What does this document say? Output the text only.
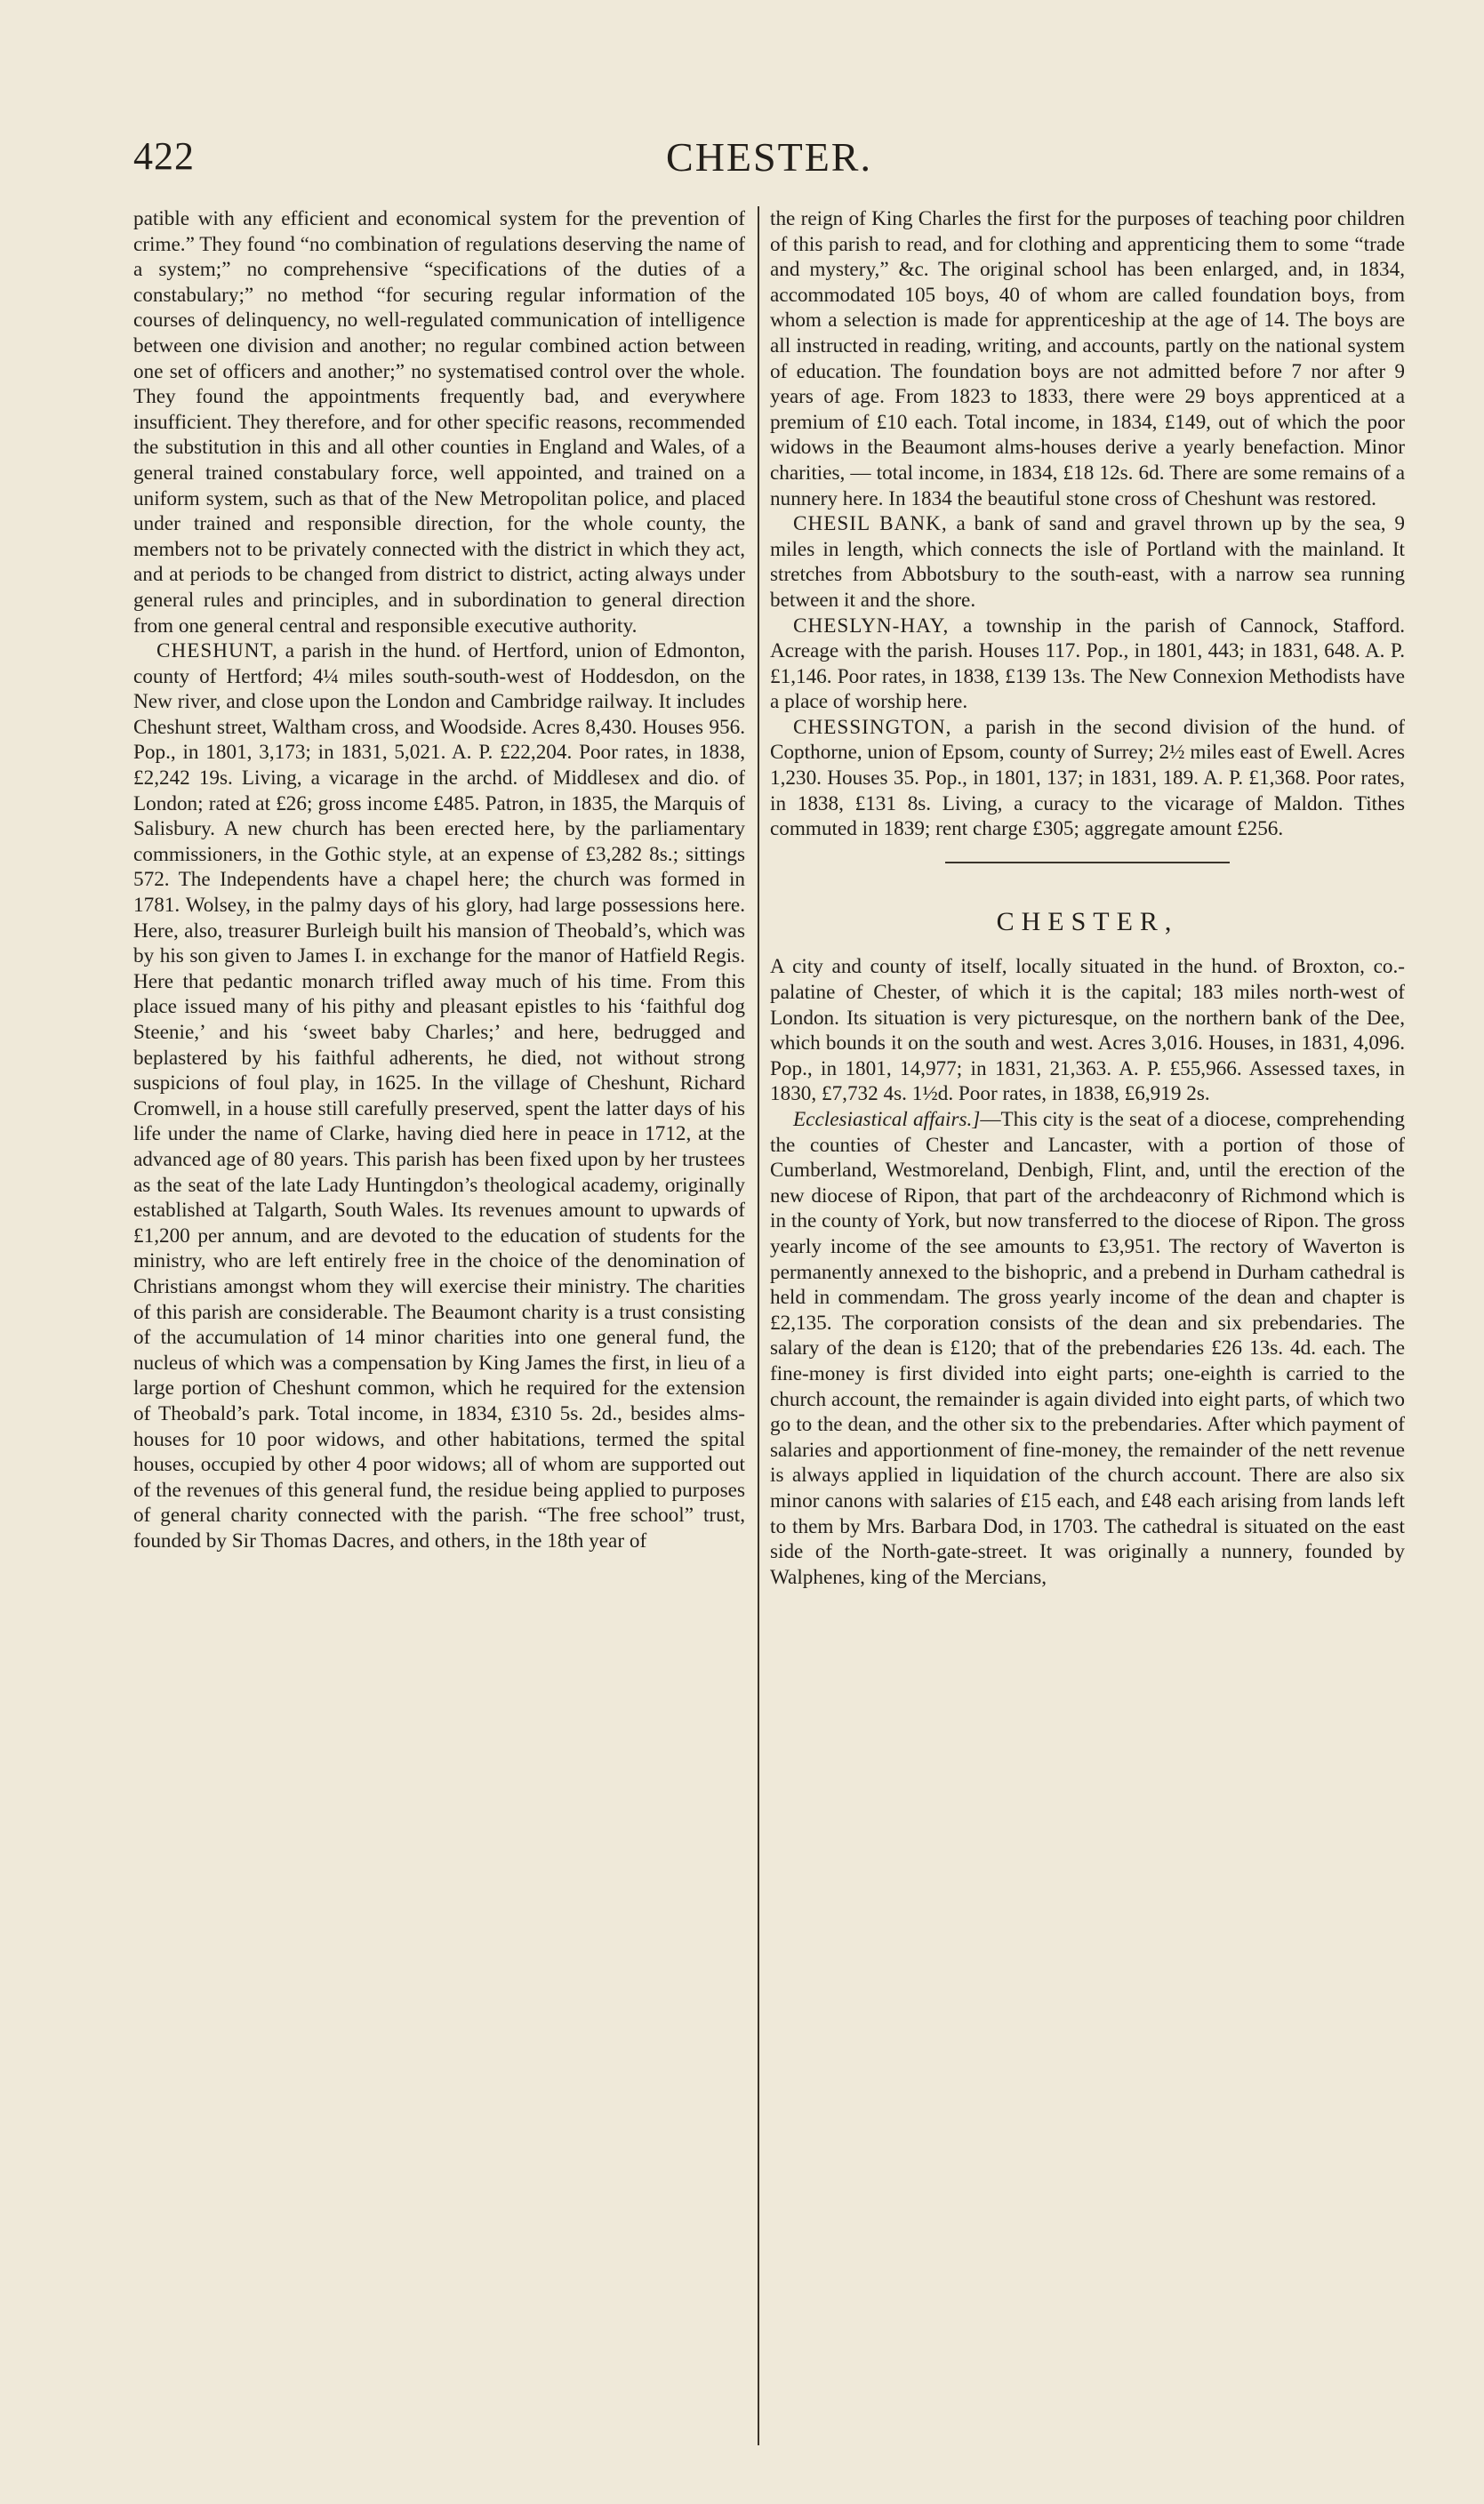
422	CHESTER.

patible with any efficient and economical system for the prevention of crime.” They found “no combination of regulations deserving the name of a system;” no comprehensive “specifications of the duties of a constabulary;” no method “for securing regular information of the courses of delinquency, no well-regulated communication of intelligence between one division and another; no regular combined action between one set of officers and another;” no systematised control over the whole. They found the appointments frequently bad, and everywhere insufficient. They therefore, and for other specific reasons, recommended the substitution in this and all other counties in England and Wales, of a general trained constabulary force, well appointed, and trained on a uniform system, such as that of the New Metropolitan police, and placed under trained and responsible direction, for the whole county, the members not to be privately connected with the district in which they act, and at periods to be changed from district to district, acting always under general rules and principles, and in subordination to general direction from one general central and responsible executive authority.

CHESHUNT, a parish in the hund. of Hertford, union of Edmonton, county of Hertford; 4¼ miles south-south-west of Hoddesdon, on the New river, and close upon the London and Cambridge railway. It includes Cheshunt street, Waltham cross, and Woodside. Acres 8,430. Houses 956. Pop., in 1801, 3,173; in 1831, 5,021. A. P. £22,204. Poor rates, in 1838, £2,242 19s. Living, a vicarage in the archd. of Middlesex and dio. of London; rated at £26; gross income £485. Patron, in 1835, the Marquis of Salisbury. A new church has been erected here, by the parliamentary commissioners, in the Gothic style, at an expense of £3,282 8s.; sittings 572. The Independents have a chapel here; the church was formed in 1781. Wolsey, in the palmy days of his glory, had large possessions here. Here, also, treasurer Burleigh built his mansion of Theobald’s, which was by his son given to James I. in exchange for the manor of Hatfield Regis. Here that pedantic monarch trifled away much of his time. From this place issued many of his pithy and pleasant epistles to his ‘faithful dog Steenie,’ and his ‘sweet baby Charles;’ and here, bedrugged and beplastered by his faithful adherents, he died, not without strong suspicions of foul play, in 1625. In the village of Cheshunt, Richard Cromwell, in a house still carefully preserved, spent the latter days of his life under the name of Clarke, having died here in peace in 1712, at the advanced age of 80 years. This parish has been fixed upon by her trustees as the seat of the late Lady Huntingdon’s theological academy, originally established at Talgarth, South Wales. Its revenues amount to upwards of £1,200 per annum, and are devoted to the education of students for the ministry, who are left entirely free in the choice of the denomination of Christians amongst whom they will exercise their ministry. The charities of this parish are considerable. The Beaumont charity is a trust consisting of the accumulation of 14 minor charities into one general fund, the nucleus of which was a compensation by King James the first, in lieu of a large portion of Cheshunt common, which he required for the extension of Theobald’s park. Total income, in 1834, £310 5s. 2d., besides alms-houses for 10 poor widows, and other habitations, termed the spital houses, occupied by other 4 poor widows; all of whom are supported out of the revenues of this general fund, the residue being applied to purposes of general charity connected with the parish. “The free school” trust, founded by Sir Thomas Dacres, and others, in the 18th year of

the reign of King Charles the first for the purposes of teaching poor children of this parish to read, and for clothing and apprenticing them to some “trade and mystery,” &c. The original school has been enlarged, and, in 1834, accommodated 105 boys, 40 of whom are called foundation boys, from whom a selection is made for apprenticeship at the age of 14. The boys are all instructed in reading, writing, and accounts, partly on the national system of education. The foundation boys are not admitted before 7 nor after 9 years of age. From 1823 to 1833, there were 29 boys apprenticed at a premium of £10 each. Total income, in 1834, £149, out of which the poor widows in the Beaumont alms-houses derive a yearly benefaction. Minor charities, — total income, in 1834, £18 12s. 6d. There are some remains of a nunnery here. In 1834 the beautiful stone cross of Cheshunt was restored.

CHESIL BANK, a bank of sand and gravel thrown up by the sea, 9 miles in length, which connects the isle of Portland with the mainland. It stretches from Abbotsbury to the south-east, with a narrow sea running between it and the shore.

CHESLYN-HAY, a township in the parish of Cannock, Stafford. Acreage with the parish. Houses 117. Pop., in 1801, 443; in 1831, 648. A. P. £1,146. Poor rates, in 1838, £139 13s. The New Connexion Methodists have a place of worship here.

CHESSINGTON, a parish in the second division of the hund. of Copthorne, union of Epsom, county of Surrey; 2½ miles east of Ewell. Acres 1,230. Houses 35. Pop., in 1801, 137; in 1831, 189. A. P. £1,368. Poor rates, in 1838, £131 8s. Living, a curacy to the vicarage of Maldon. Tithes commuted in 1839; rent charge £305; aggregate amount £256.

CHESTER,

A city and county of itself, locally situated in the hund. of Broxton, co.-palatine of Chester, of which it is the capital; 183 miles north-west of London. Its situation is very picturesque, on the northern bank of the Dee, which bounds it on the south and west. Acres 3,016. Houses, in 1831, 4,096. Pop., in 1801, 14,977; in 1831, 21,363. A. P. £55,966. Assessed taxes, in 1830, £7,732 4s. 1½d. Poor rates, in 1838, £6,919 2s.

Ecclesiastical affairs.]—This city is the seat of a diocese, comprehending the counties of Chester and Lancaster, with a portion of those of Cumberland, Westmoreland, Denbigh, Flint, and, until the erection of the new diocese of Ripon, that part of the archdeaconry of Richmond which is in the county of York, but now transferred to the diocese of Ripon. The gross yearly income of the see amounts to £3,951. The rectory of Waverton is permanently annexed to the bishopric, and a prebend in Durham cathedral is held in commendam. The gross yearly income of the dean and chapter is £2,135. The corporation consists of the dean and six prebendaries. The salary of the dean is £120; that of the prebendaries £26 13s. 4d. each. The fine-money is first divided into eight parts; one-eighth is carried to the church account, the remainder is again divided into eight parts, of which two go to the dean, and the other six to the prebendaries. After which payment of salaries and apportionment of fine-money, the remainder of the nett revenue is always applied in liquidation of the church account. There are also six minor canons with salaries of £15 each, and £48 each arising from lands left to them by Mrs. Barbara Dod, in 1703. The cathedral is situated on the east side of the North-gate-street. It was originally a nunnery, founded by Walphenes, king of the Mercians,
